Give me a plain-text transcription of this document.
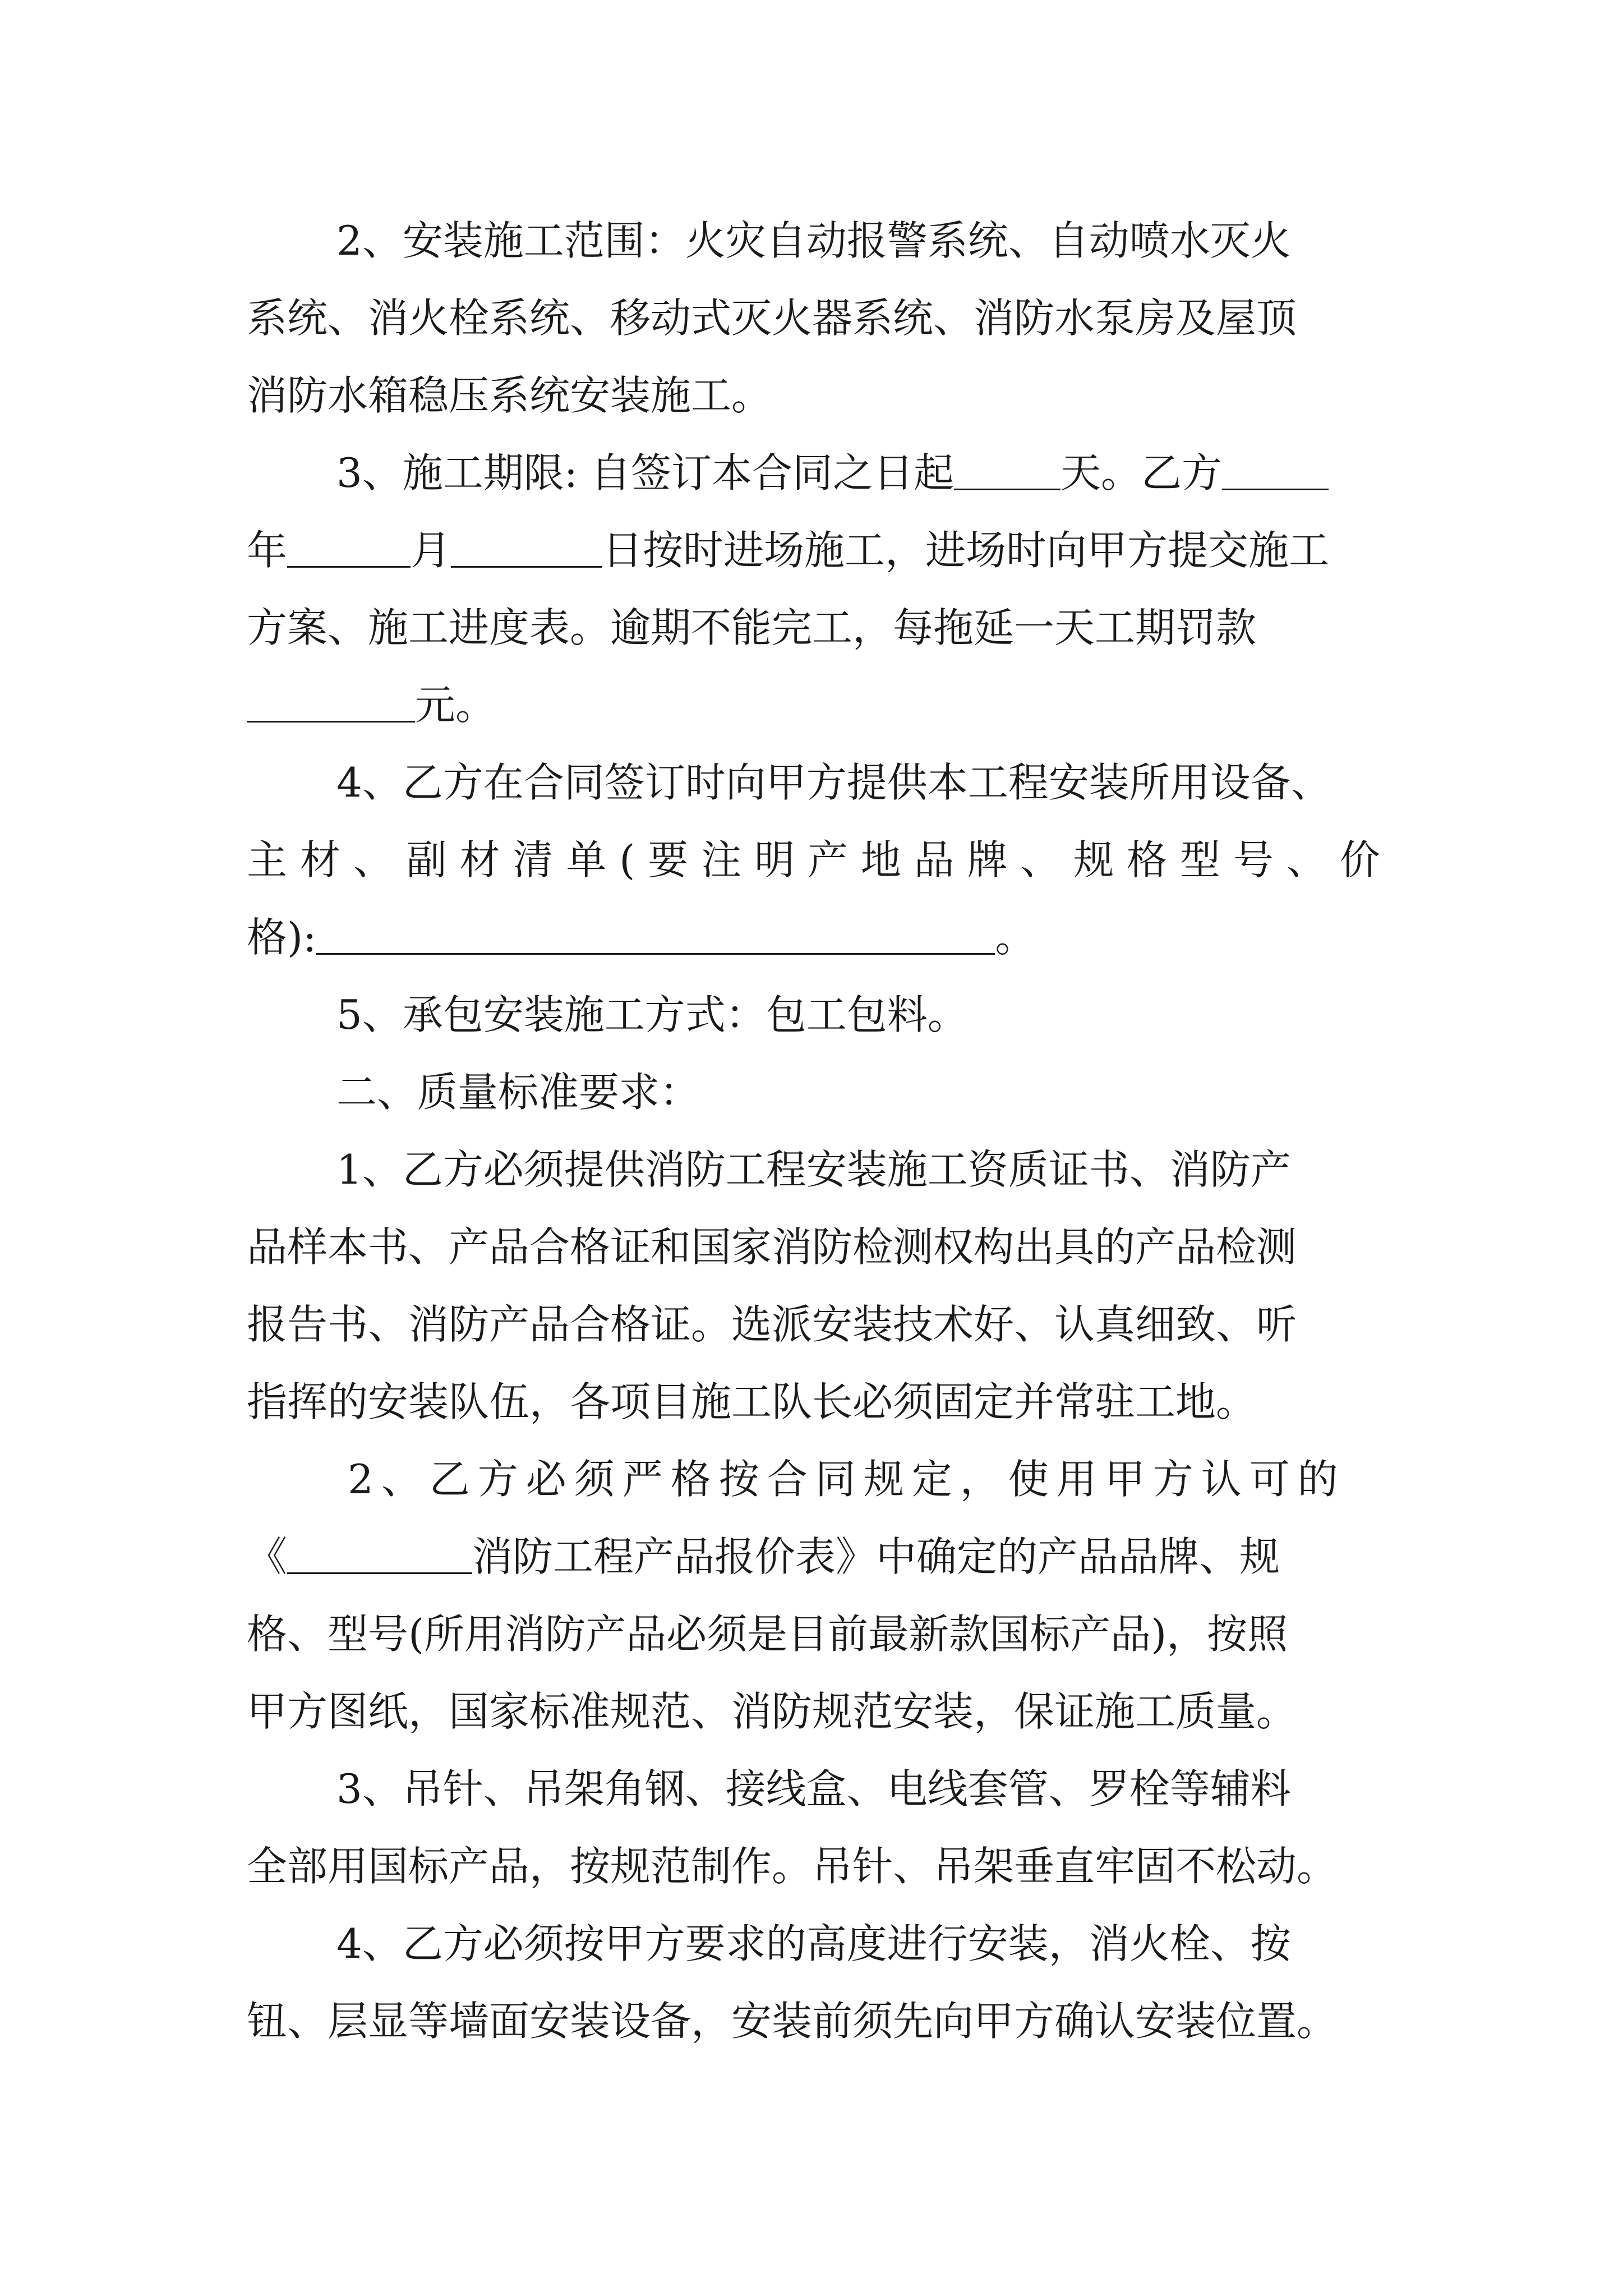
2、安装施工范围：火灾自动报警系统、自动喷水灭火
系统、消火栓系统、移动式灭火器系统、消防水泵房及屋顶
消防水箱稳压系统安装施工。
3、施工期限: 自签订本合同之日起	天。乙方
年	月	日按时进场施工，进场时向甲方提交施工
方案、施工进度表。逾期不能完工，每拖延一天工期罚款
元。
4、乙方在合同签订时向甲方提供本工程安装所用设备、
主 材 、 副 材 清 单 ( 要 注 明 产 地 品 牌 、 规 格 型 号 、 价
格):	。
5、承包安装施工方式：包工包料。
二、质量标准要求：
1、乙方必须提供消防工程安装施工资质证书、消防产
品样本书、产品合格证和国家消防检测权构出具的产品检测
报告书、消防产品合格证。选派安装技术好、认真细致、听
指挥的安装队伍，各项目施工队长必须固定并常驻工地。
2、乙方必须严格按合同规定，使用甲方认可的
《	消防工程产品报价表》中确定的产品品牌、规
格、型号(所用消防产品必须是目前最新款国标产品)，按照
甲方图纸，国家标准规范、消防规范安装，保证施工质量。
3、吊针、吊架角钢、接线盒、电线套管、罗栓等辅料
全部用国标产品，按规范制作。吊针、吊架垂直牢固不松动。
4、乙方必须按甲方要求的高度进行安装，消火栓、按
钮、层显等墙面安装设备，安装前须先向甲方确认安装位置。
